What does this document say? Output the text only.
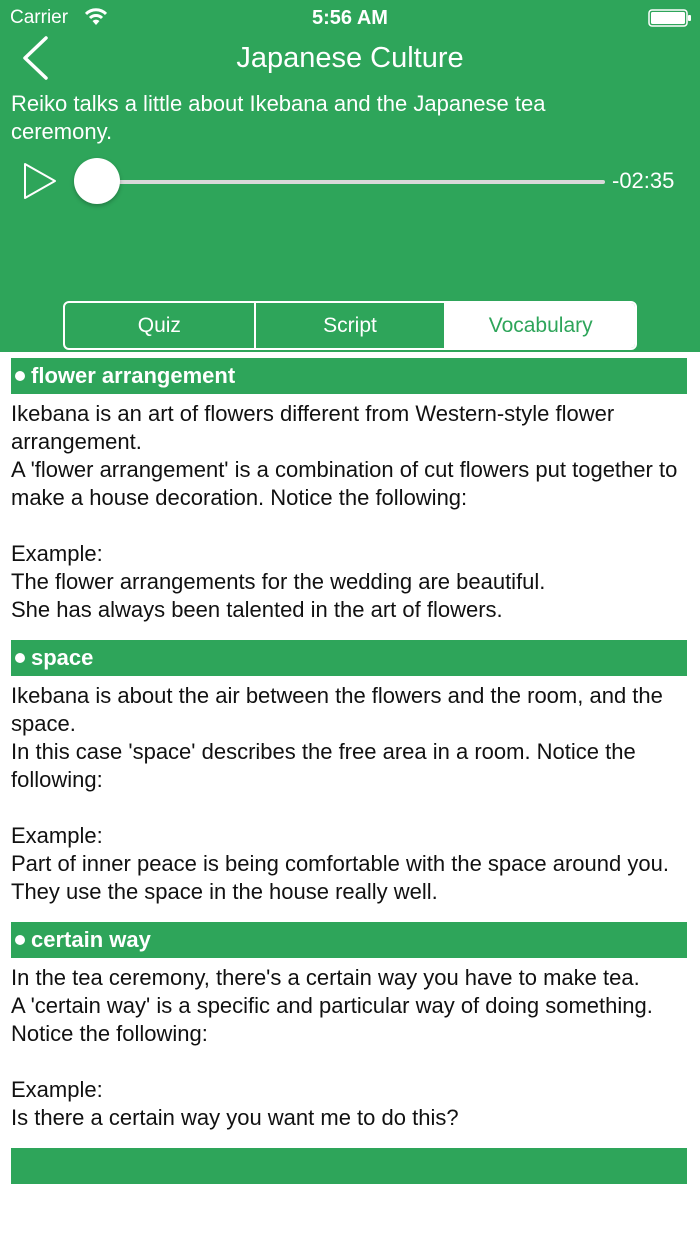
Carrier	5:56 AM
Japanese Culture
Reiko talks a little about Ikebana and the Japanese tea ceremony.
-02:35
Quiz	Script	Vocabulary
flower arrangement
Ikebana is an art of flowers different from Western-style flower arrangement.
A 'flower arrangement' is a combination of cut flowers put together to make a house decoration. Notice the following:

Example:
The flower arrangements for the wedding are beautiful.
She has always been talented in the art of flowers.
space
Ikebana is about the air between the flowers and the room, and the space.
In this case 'space' describes the free area in a room. Notice the following:

Example:
Part of inner peace is being comfortable with the space around you.
They use the space in the house really well.
certain way
In the tea ceremony, there's a certain way you have to make tea.
A 'certain way' is a specific and particular way of doing something. Notice the following:

Example:
Is there a certain way you want me to do this?
